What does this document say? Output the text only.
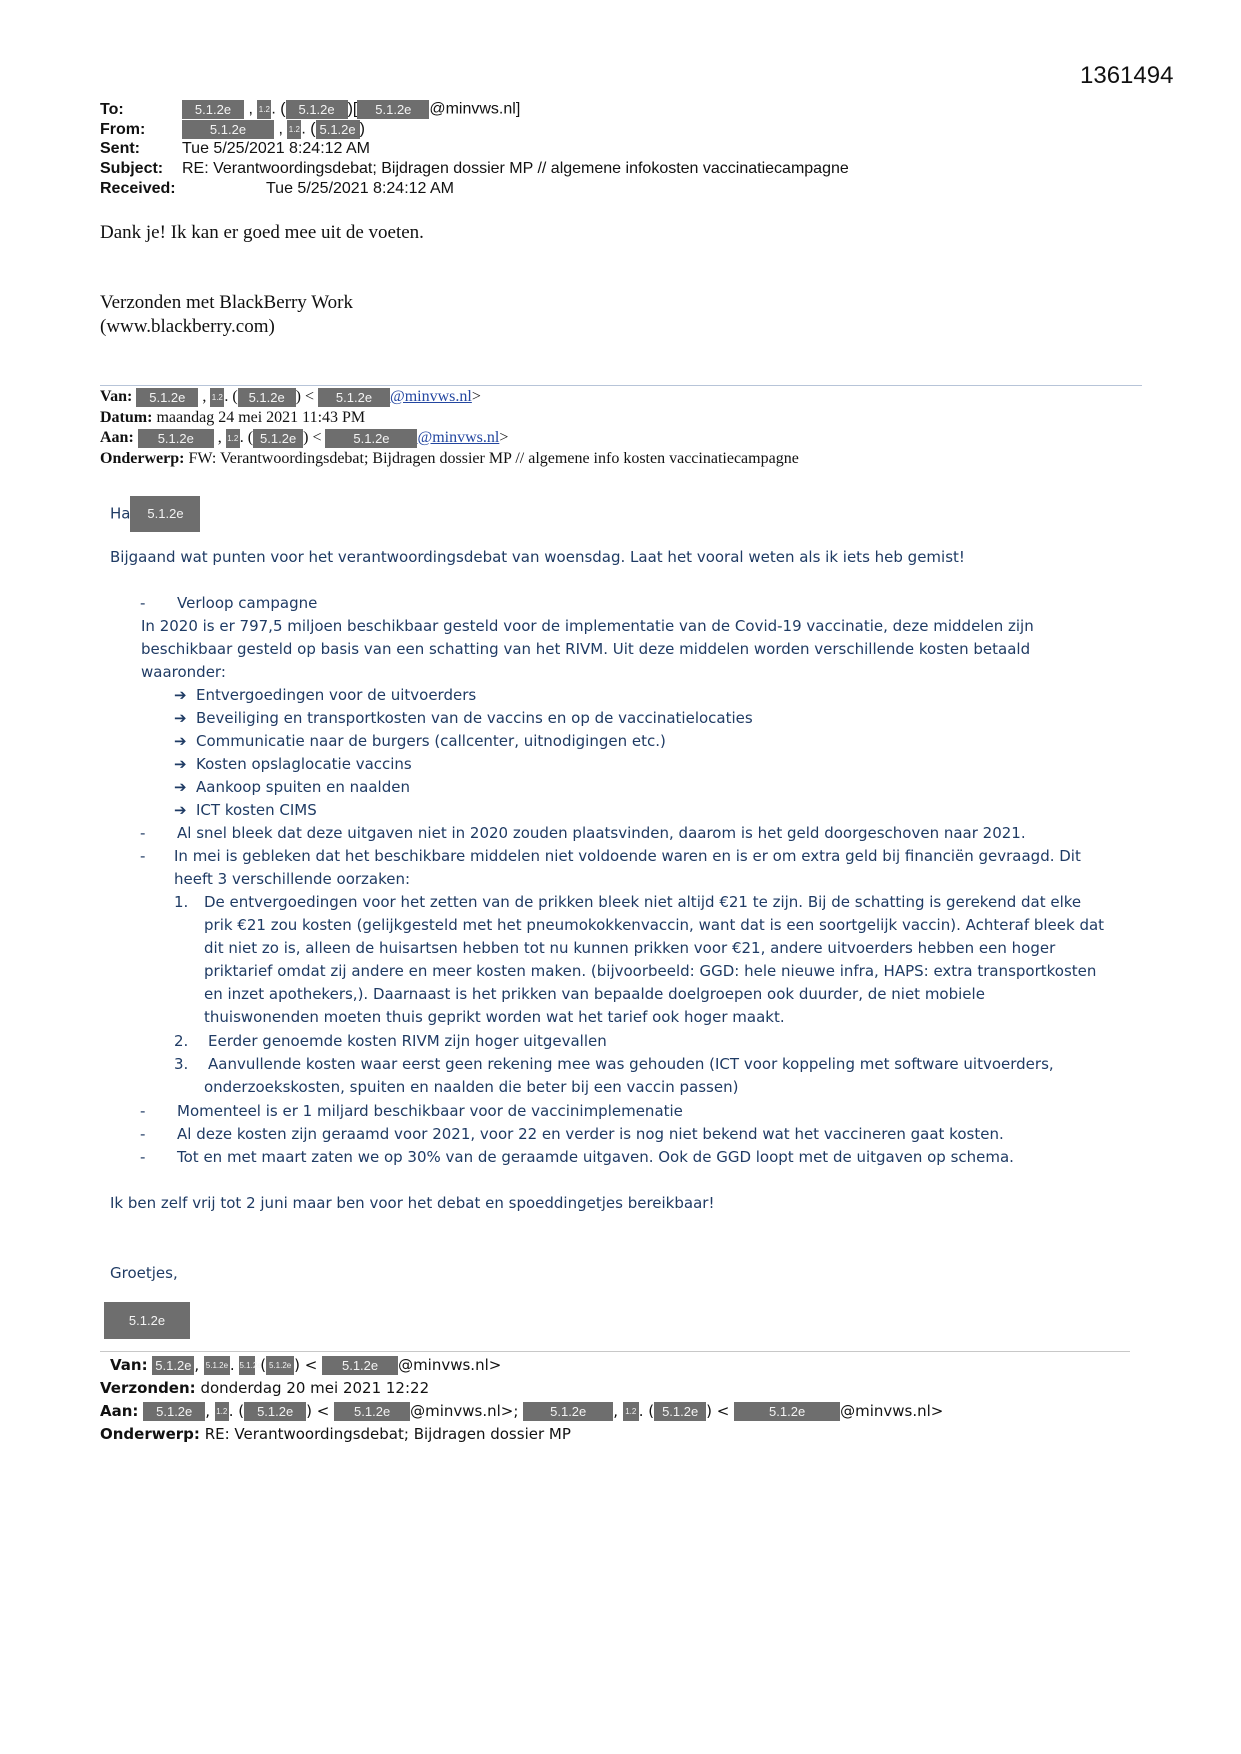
1361494
To:	5.1.2e , 1.2. ( 5.1.2e )[ 5.1.2e @minvws.nl]
From:	5.1.2e , 1.2. ( 5.1.2e )
Sent:	Tue 5/25/2021 8:24:12 AM
Subject: RE: Verantwoordingsdebat; Bijdragen dossier MP // algemene infokosten vaccinatiecampagne
Received:	Tue 5/25/2021 8:24:12 AM
Dank je! Ik kan er goed mee uit de voeten.
Verzonden met BlackBerry Work
(www.blackberry.com)
Van: 5.1.2e , 1.2. ( 5.1.2e ) < 5.1.2e @minvws.nl>
Datum: maandag 24 mei 2021 11:43 PM
Aan: 5.1.2e , 1.2. ( 5.1.2e ) < 5.1.2e @minvws.nl>
Onderwerp: FW: Verantwoordingsdebat; Bijdragen dossier MP // algemene info kosten vaccinatiecampagne
Ha 5.1.2e
Bijgaand wat punten voor het verantwoordingsdebat van woensdag. Laat het vooral weten als ik iets heb gemist!
- Verloop campagne
In 2020 is er 797,5 miljoen beschikbaar gesteld voor de implementatie van de Covid-19 vaccinatie, deze middelen zijn
beschikbaar gesteld op basis van een schatting van het RIVM. Uit deze middelen worden verschillende kosten betaald
waaronder:
➔ Entvergoedingen voor de uitvoerders
➔ Beveiliging en transportkosten van de vaccins en op de vaccinatielocaties
➔ Communicatie naar de burgers (callcenter, uitnodigingen etc.)
➔ Kosten opslaglocatie vaccins
➔ Aankoop spuiten en naalden
➔ ICT kosten CIMS
- Al snel bleek dat deze uitgaven niet in 2020 zouden plaatsvinden, daarom is het geld doorgeschoven naar 2021.
- In mei is gebleken dat het beschikbare middelen niet voldoende waren en is er om extra geld bij financiën gevraagd. Dit
heeft 3 verschillende oorzaken:
1. De entvergoedingen voor het zetten van de prikken bleek niet altijd €21 te zijn. Bij de schatting is gerekend dat elke
prik €21 zou kosten (gelijkgesteld met het pneumokokkenvaccin, want dat is een soortgelijk vaccin). Achteraf bleek dat
dit niet zo is, alleen de huisartsen hebben tot nu kunnen prikken voor €21, andere uitvoerders hebben een hoger
priktarief omdat zij andere en meer kosten maken. (bijvoorbeeld: GGD: hele nieuwe infra, HAPS: extra transportkosten
en inzet apothekers,). Daarnaast is het prikken van bepaalde doelgroepen ook duurder, de niet mobiele
thuiswonenden moeten thuis geprikt worden wat het tarief ook hoger maakt.
2. Eerder genoemde kosten RIVM zijn hoger uitgevallen
3. Aanvullende kosten waar eerst geen rekening mee was gehouden (ICT voor koppeling met software uitvoerders,
onderzoekskosten, spuiten en naalden die beter bij een vaccin passen)
- Momenteel is er 1 miljard beschikbaar voor de vaccinimplemenatie
- Al deze kosten zijn geraamd voor 2021, voor 22 en verder is nog niet bekend wat het vaccineren gaat kosten.
- Tot en met maart zaten we op 30% van de geraamde uitgaven. Ook de GGD loopt met de uitgaven op schema.
Ik ben zelf vrij tot 2 juni maar ben voor het debat en spoeddingetjes bereikbaar!
Groetjes,
5.1.2e
Van: 5.1.2e , 5.1.2e . 5.1.2e ( 5.1.2e ) < 5.1.2e @minvws.nl>
Verzonden: donderdag 20 mei 2021 12:22
Aan: 5.1.2e , 1.2. ( 5.1.2e ) < 5.1.2e @minvws.nl>; 5.1.2e , 1.2 . ( 5.1.2e ) <	5.1.2e @minvws.nl>
Onderwerp: RE: Verantwoordingsdebat; Bijdragen dossier MP
